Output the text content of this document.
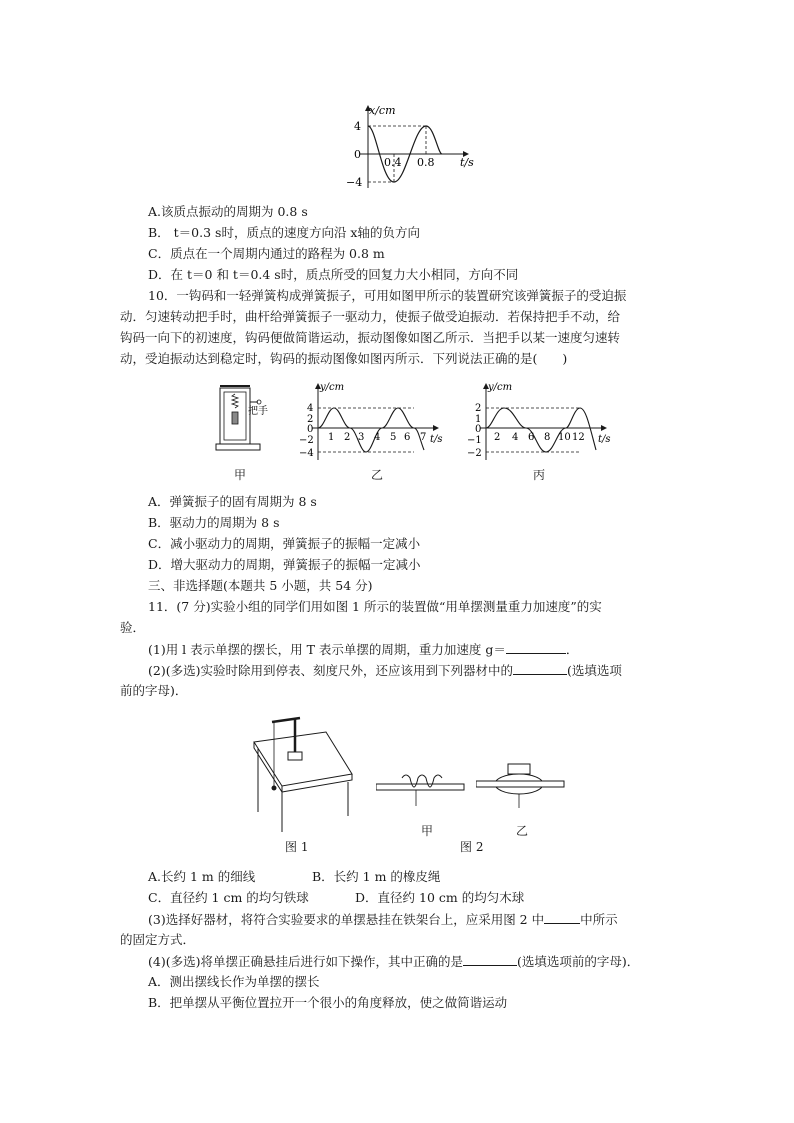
x/cm
t/s
4
0
−4
0.4 0.8
A.该质点振动的周期为 0.8 s
B． t＝0.3 s时，质点的速度方向沿 x轴的负方向
C．质点在一个周期内通过的路程为 0.8 m
D．在 t＝0 和 t＝0.4 s时，质点所受的回复力大小相同，方向不同
10．一钩码和一轻弹簧构成弹簧振子，可用如图甲所示的装置研究该弹簧振子的受迫振
动．匀速转动把手时，曲杆给弹簧振子一驱动力，使振子做受迫振动．若保持把手不动，给
钩码一向下的初速度，钩码便做简谐运动，振动图像如图乙所示．当把手以某一速度匀速转
动，受迫振动达到稳定时，钩码的振动图像如图丙所示．下列说法正确的是(　　)
把手
甲
y/cm
t/s
4
2
0
−2
−4
1 2 3 4 5 6 7
乙
y/cm
t/s
2
1
0
−1
−2
2 4 6 8 10 12
丙
A．弹簧振子的固有周期为 8 s
B．驱动力的周期为 8 s
C．减小驱动力的周期，弹簧振子的振幅一定减小
D．增大驱动力的周期，弹簧振子的振幅一定减小
三、非选择题(本题共 5 小题，共 54 分)
11．(7 分)实验小组的同学们用如图 1 所示的装置做“用单摆测量重力加速度”的实
验．
(1)用 l 表示单摆的摆长，用 T 表示单摆的周期，重力加速度 g＝	．
(2)(多选)实验时除用到停表、刻度尺外，还应该用到下列器材中的	(选填选项
前的字母)．
图 1
甲	乙
图 2
A.长约 1 m 的细线	B．长约 1 m 的橡皮绳
C．直径约 1 cm 的均匀铁球	D．直径约 10 cm 的均匀木球
(3)选择好器材，将符合实验要求的单摆悬挂在铁架台上，应采用图 2 中	中所示
的固定方式．
(4)(多选)将单摆正确悬挂后进行如下操作，其中正确的是	(选填选项前的字母)．
A．测出摆线长作为单摆的摆长
B．把单摆从平衡位置拉开一个很小的角度释放，使之做简谐运动
